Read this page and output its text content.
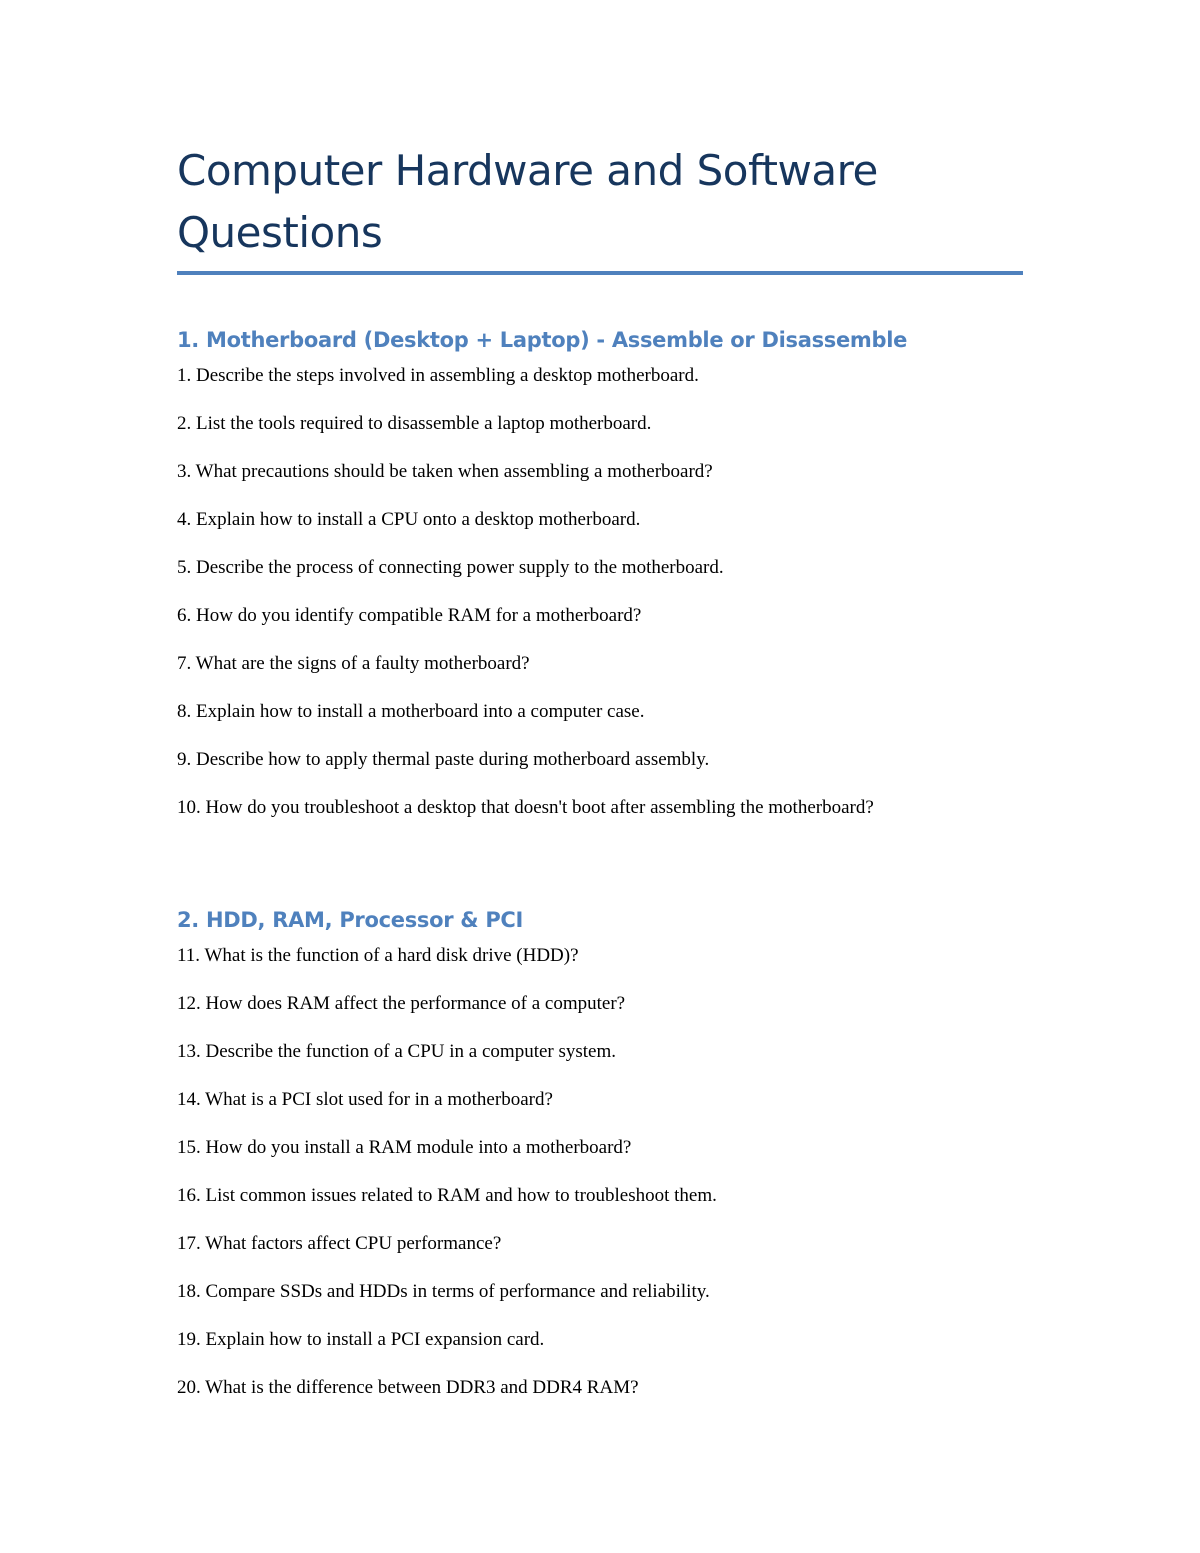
Computer Hardware and Software Questions
1. Motherboard (Desktop + Laptop) - Assemble or Disassemble
1. Describe the steps involved in assembling a desktop motherboard.
2. List the tools required to disassemble a laptop motherboard.
3. What precautions should be taken when assembling a motherboard?
4. Explain how to install a CPU onto a desktop motherboard.
5. Describe the process of connecting power supply to the motherboard.
6. How do you identify compatible RAM for a motherboard?
7. What are the signs of a faulty motherboard?
8. Explain how to install a motherboard into a computer case.
9. Describe how to apply thermal paste during motherboard assembly.
10. How do you troubleshoot a desktop that doesn't boot after assembling the motherboard?
2. HDD, RAM, Processor & PCI
11. What is the function of a hard disk drive (HDD)?
12. How does RAM affect the performance of a computer?
13. Describe the function of a CPU in a computer system.
14. What is a PCI slot used for in a motherboard?
15. How do you install a RAM module into a motherboard?
16. List common issues related to RAM and how to troubleshoot them.
17. What factors affect CPU performance?
18. Compare SSDs and HDDs in terms of performance and reliability.
19. Explain how to install a PCI expansion card.
20. What is the difference between DDR3 and DDR4 RAM?
